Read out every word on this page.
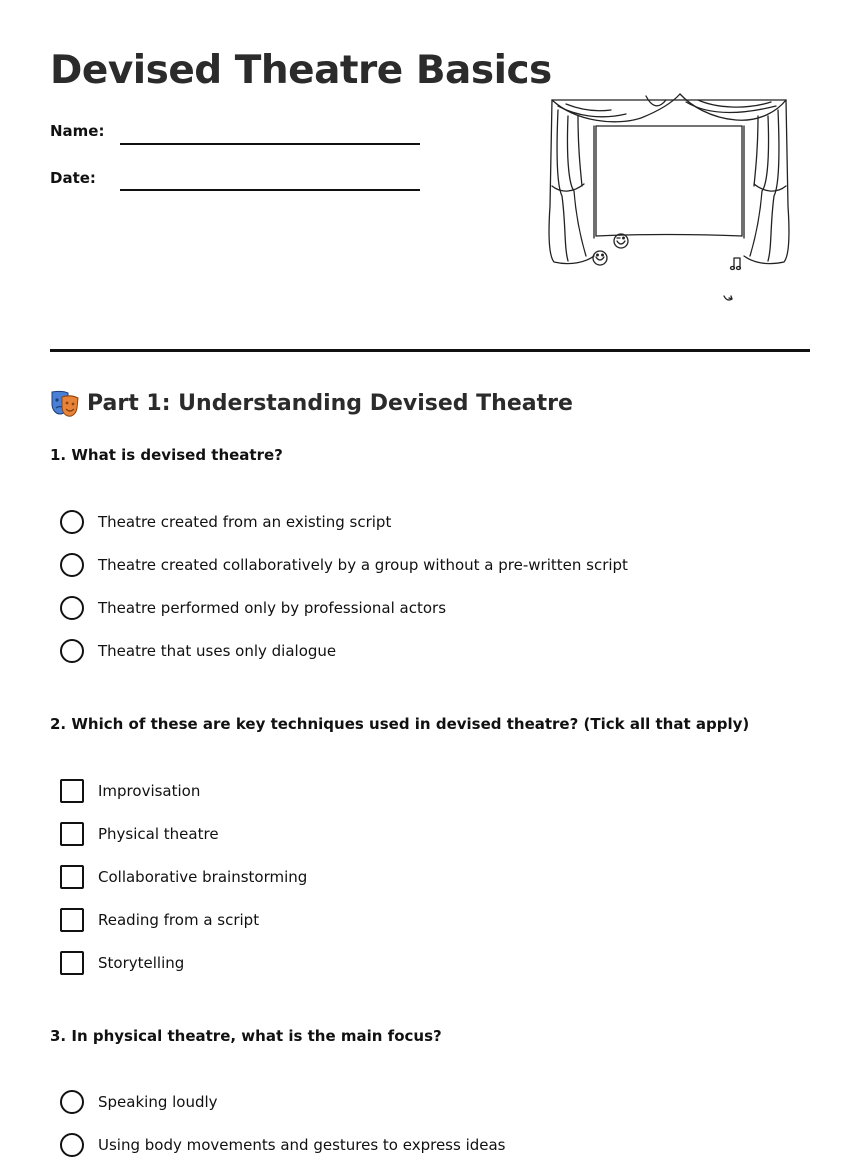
Devised Theatre Basics
Name:
Date:
Part 1: Understanding Devised Theatre

1. What is devised theatre?

Theatre created from an existing script
Theatre created collaboratively by a group without a pre-written script
Theatre performed only by professional actors
Theatre that uses only dialogue

2. Which of these are key techniques used in devised theatre? (Tick all that apply)

Improvisation
Physical theatre
Collaborative brainstorming
Reading from a script
Storytelling

3. In physical theatre, what is the main focus?

Speaking loudly
Using body movements and gestures to express ideas
